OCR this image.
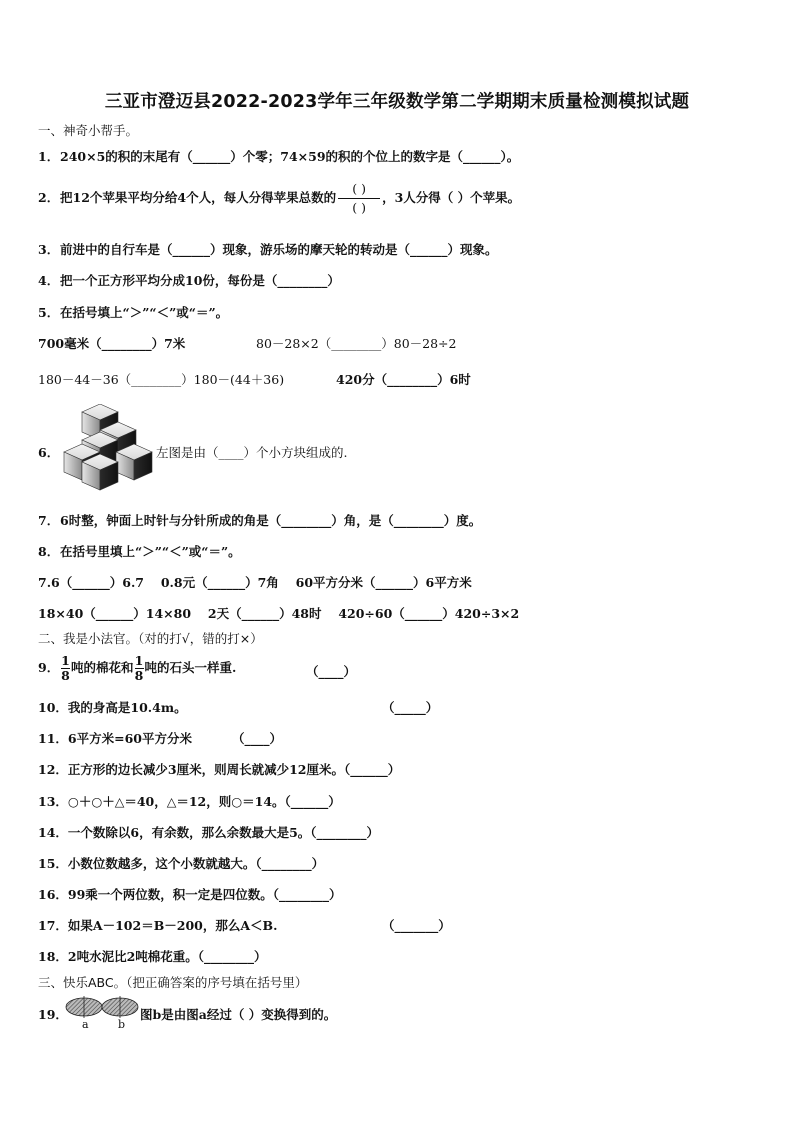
三亚市澄迈县2022-2023学年三年级数学第二学期期末质量检测模拟试题
一、神奇小帮手。
1．240×5的积的末尾有（______）个零；74×59的积的个位上的数字是（______）。
2．把12个苹果平均分给4个人，每人分得苹果总数的
( )
( )
，3人分得（ ）个苹果。
3．前进中的自行车是（______）现象，游乐场的摩天轮的转动是（______）现象。
4．把一个正方形平均分成10份，每份是（________）
5．在括号填上“＞”“＜”或“＝”。
700毫米（________）7米	80－28×2（________）80－28÷2
180－44－36（________）180－(44＋36)	420分（________）6时
6．	左图是由（____）个小方块组成的.
7．6时整，钟面上时针与分针所成的角是（________）角，是（________）度。
8．在括号里填上“＞”“＜”或“＝”。
7.6（______）6.7　 0.8元（______）7角　 60平方分米（______）6平方米
18×40（______）14×80　 2天（______）48时　 420÷60（______）420÷3×2
二、我是小法官。（对的打√，错的打×）
9． $\frac{1}{8}$ 吨的棉花和 $\frac{1}{8}$ 吨的石头一样重.	（____）
10．我的身高是10.4m。	（_____）
11．6平方米=60平方分米	（____）
12．正方形的边长减少3厘米，则周长就减少12厘米。（______）
13．○＋○＋△＝40，△＝12，则○＝14。（______）
14．一个数除以6，有余数，那么余数最大是5。（________）
15．小数位数越多，这个小数就越大。（________）
16．99乘一个两位数，积一定是四位数。（________）
17．如果A－102＝B－200，那么A＜B.	（_______）
18．2吨水泥比2吨棉花重。（________）
三、快乐ABC。（把正确答案的序号填在括号里）
19．
a	b
图b是由图a经过（ ）变换得到的。
